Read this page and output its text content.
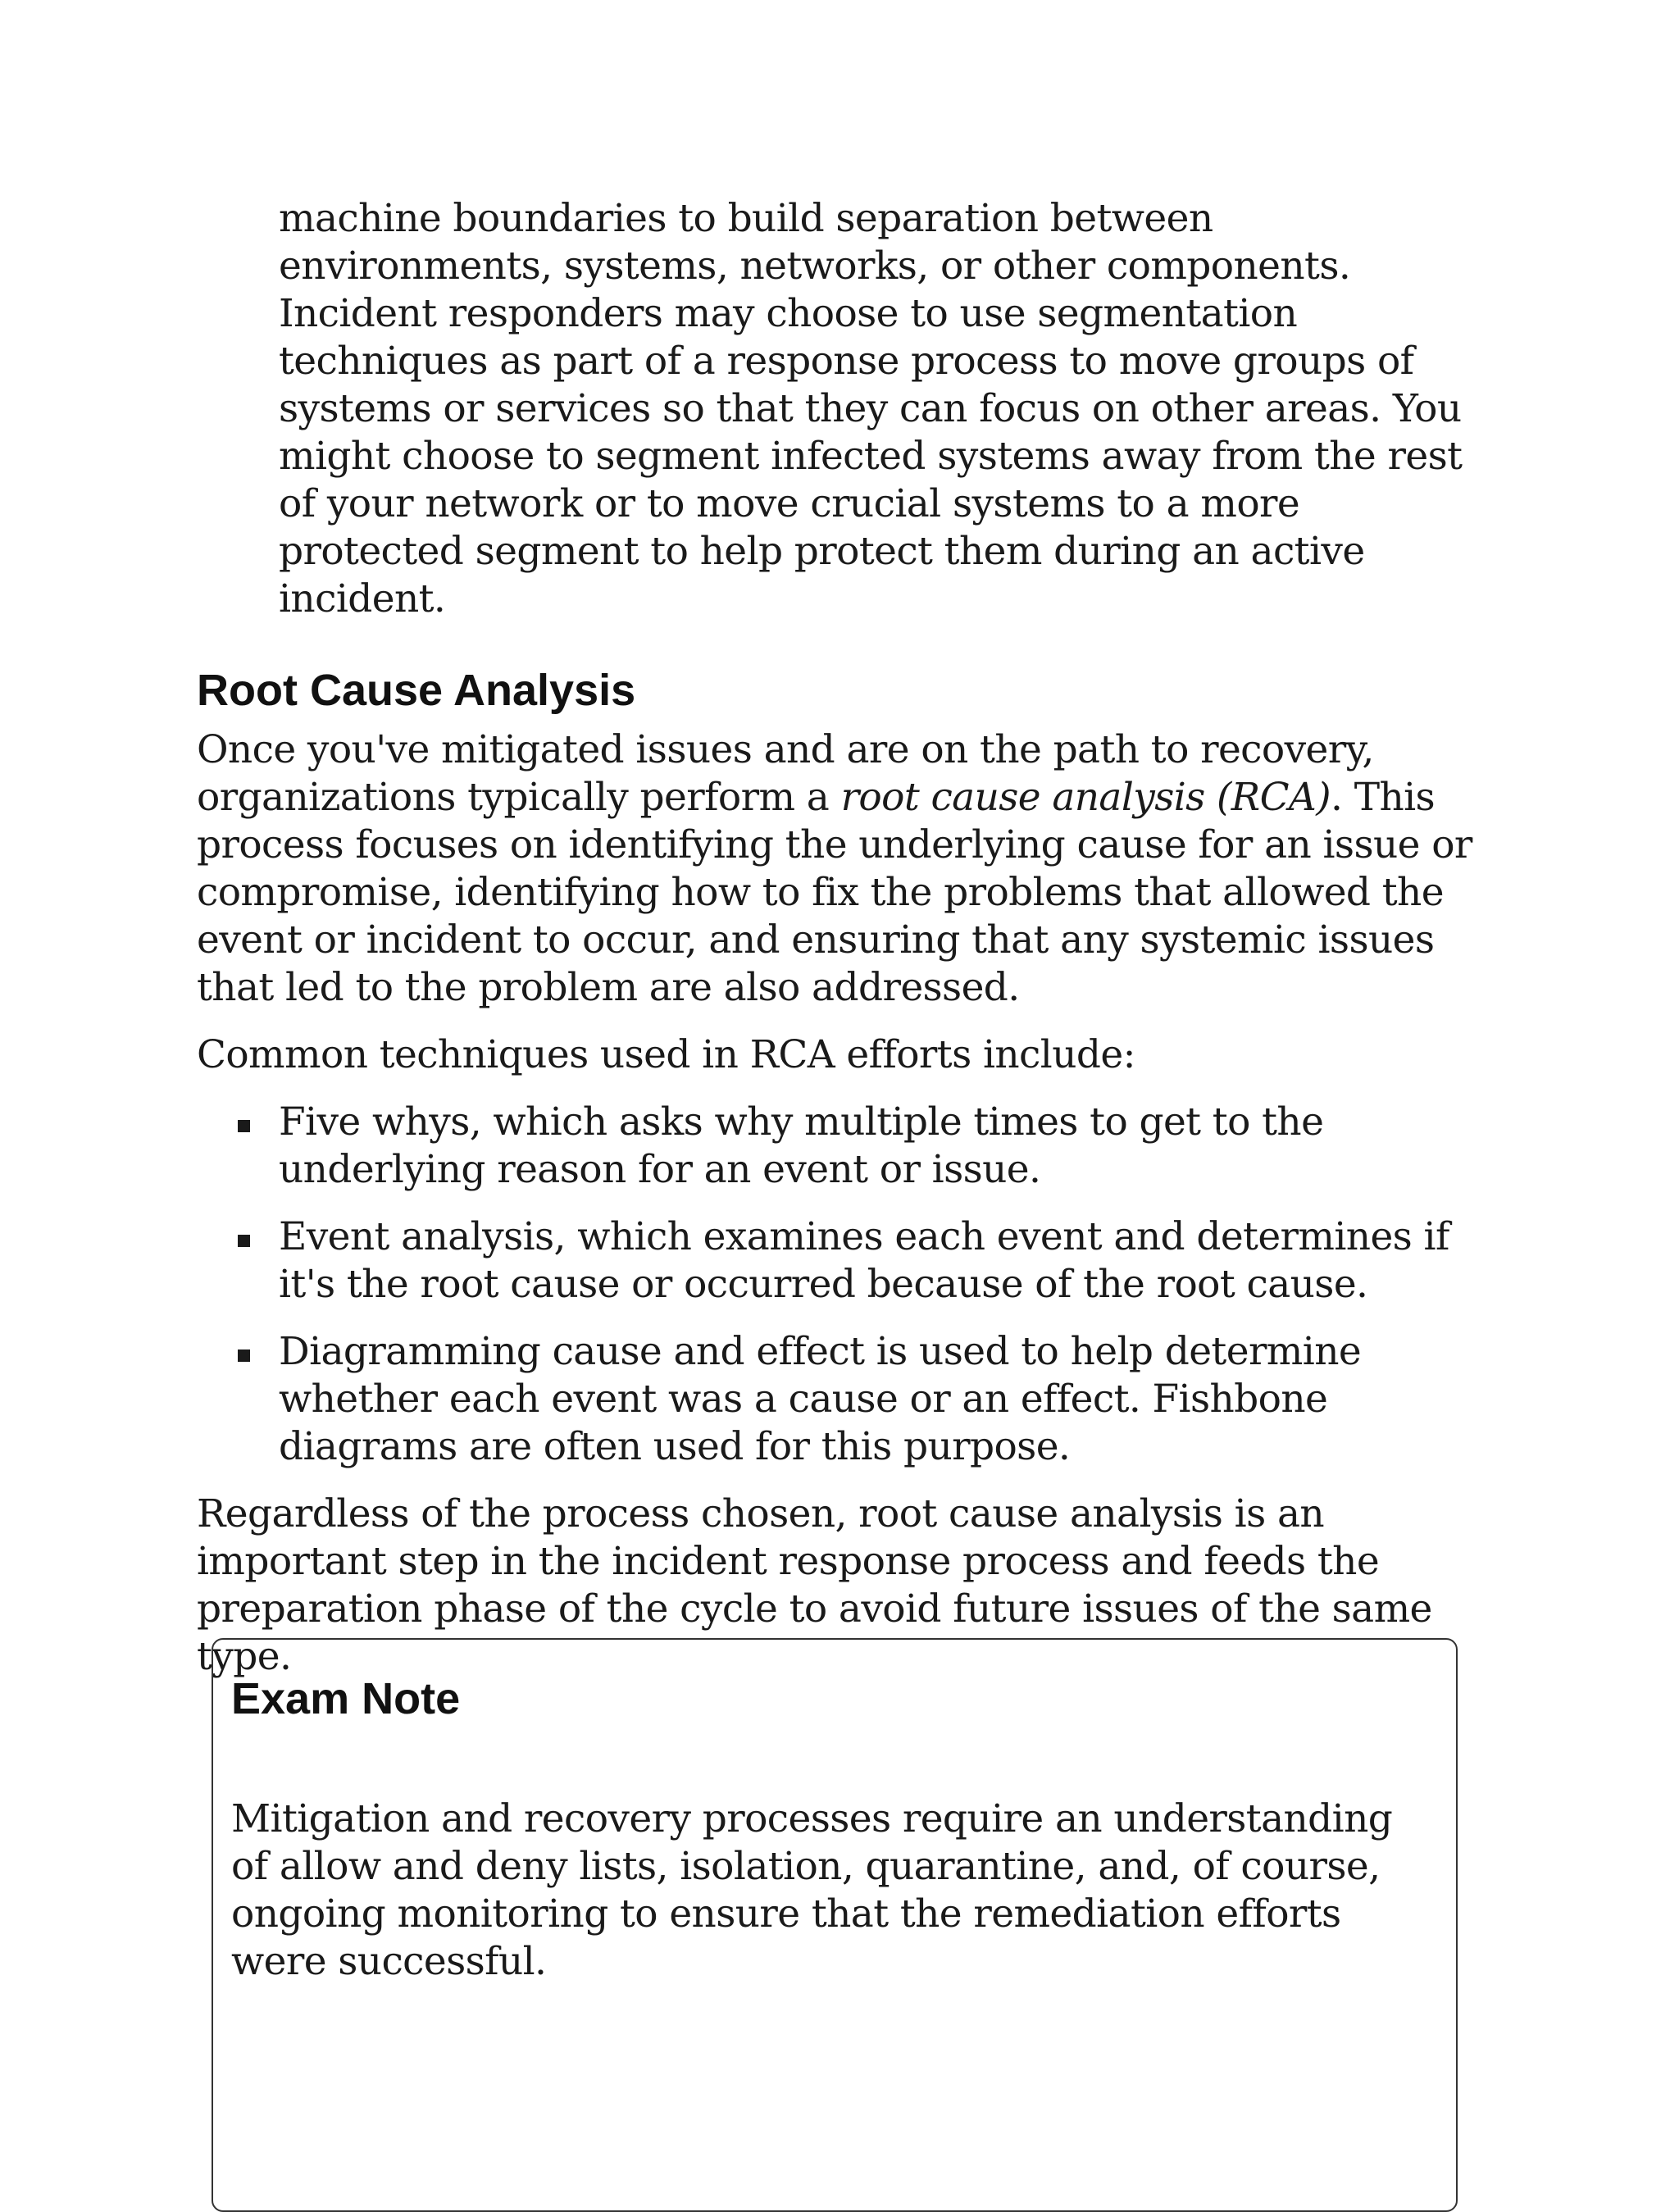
machine boundaries to build separation between environments, systems, networks, or other components. Incident responders may choose to use segmentation techniques as part of a response process to move groups of systems or services so that they can focus on other areas. You might choose to segment infected systems away from the rest of your network or to move crucial systems to a more protected segment to help protect them during an active incident.

Root Cause Analysis

Once you've mitigated issues and are on the path to recovery, organizations typically perform a root cause analysis (RCA). This process focuses on identifying the underlying cause for an issue or compromise, identifying how to fix the problems that allowed the event or incident to occur, and ensuring that any systemic issues that led to the problem are also addressed.

Common techniques used in RCA efforts include:

Five whys, which asks why multiple times to get to the underlying reason for an event or issue.

Event analysis, which examines each event and determines if it's the root cause or occurred because of the root cause.

Diagramming cause and effect is used to help determine whether each event was a cause or an effect. Fishbone diagrams are often used for this purpose.

Regardless of the process chosen, root cause analysis is an important step in the incident response process and feeds the preparation phase of the cycle to avoid future issues of the same type.

Exam Note

Mitigation and recovery processes require an understanding of allow and deny lists, isolation, quarantine, and, of course, ongoing monitoring to ensure that the remediation efforts were successful.
